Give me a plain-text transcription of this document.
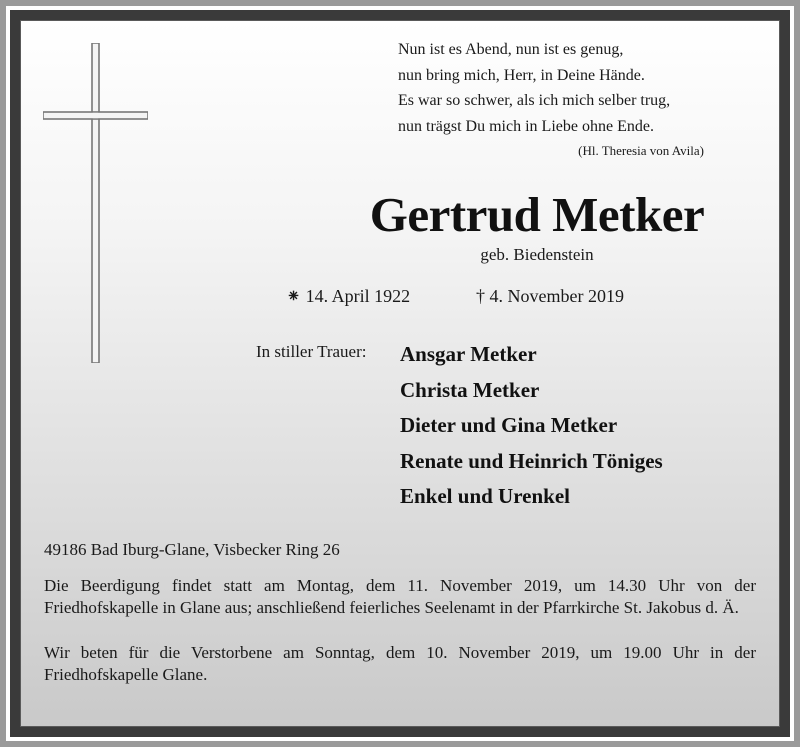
Nun ist es Abend, nun ist es genug,
nun bring mich, Herr, in Deine Hände.
Es war so schwer, als ich mich selber trug,
nun trägst Du mich in Liebe ohne Ende.
(Hl. Theresia von Avila)
Gertrud Metker
geb. Biedenstein
⁕ 14. April 1922	† 4. November 2019
In stiller Trauer: Ansgar Metker
Christa Metker
Dieter und Gina Metker
Renate und Heinrich Töniges
Enkel und Urenkel
49186 Bad Iburg-Glane, Visbecker Ring 26
Die Beerdigung findet statt am Montag, dem 11. November 2019, um 14.30 Uhr von der Friedhofskapelle in Glane aus; anschließend feierliches Seelenamt in der Pfarrkirche St. Jakobus d. Ä.
Wir beten für die Verstorbene am Sonntag, dem 10. November 2019, um 19.00 Uhr in der Friedhofskapelle Glane.
